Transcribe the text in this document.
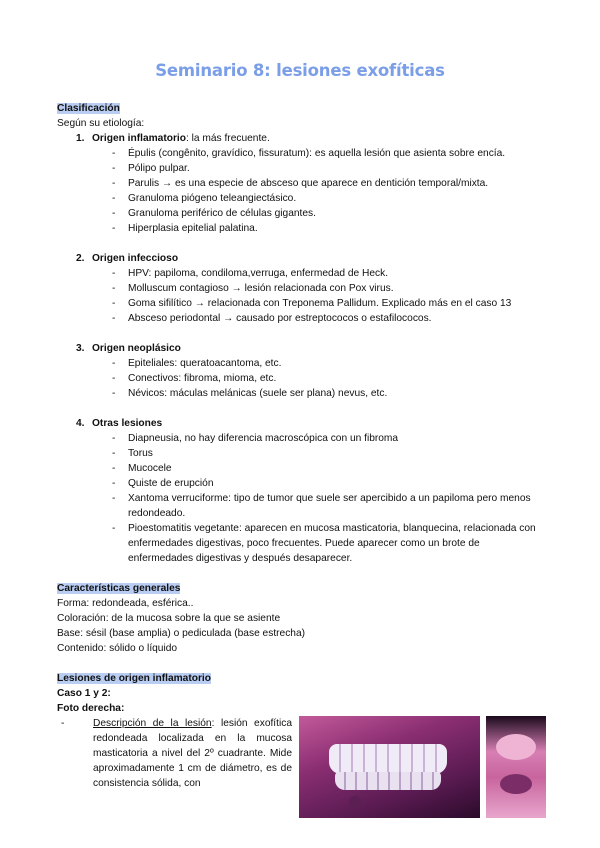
Seminario 8: lesiones exofíticas
Clasificación
Según su etiología:
1. Origen inflamatorio: la más frecuente.
-	Épulis (congênito, gravídico, fissuratum): es aquella lesión que asienta sobre encía.
-	Pólipo pulpar.
-	Parulis → es una especie de absceso que aparece en dentición temporal/mixta.
-	Granuloma piógeno teleangiectásico.
-	Granuloma periférico de células gigantes.
-	Hiperplasia epitelial palatina.
2. Origen infeccioso
-	HPV: papiloma, condiloma,verruga, enfermedad de Heck.
-	Molluscum contagioso → lesión relacionada con Pox virus.
-	Goma sifilítico → relacionada con Treponema Pallidum. Explicado más en el caso 13
-	Absceso periodontal → causado por estreptococos o estafilococos.
3. Origen neoplásico
-	Epiteliales: queratoacantoma, etc.
-	Conectivos: fibroma, mioma, etc.
-	Névicos: máculas melánicas (suele ser plana) nevus, etc.
4. Otras lesiones
-	Diapneusia, no hay diferencia macroscópica con un fibroma
-	Torus
-	Mucocele
-	Quiste de erupción
-	Xantoma verruciforme: tipo de tumor que suele ser apercibido a un papiloma pero menos redondeado.
-	Pioestomatitis vegetante: aparecen en mucosa masticatoria, blanquecina, relacionada con enfermedades digestivas, poco frecuentes. Puede aparecer como un brote de enfermedades digestivas y después desaparecer.
Características generales
Forma: redondeada, esférica..
Coloración: de la mucosa sobre la que se asiente
Base: sésil (base amplia) o pediculada (base estrecha)
Contenido: sólido o líquido
Lesiones de origen inflamatorio
Caso 1 y 2:
Foto derecha:
-	Descripción de la lesión: lesión exofítica redondeada localizada en la mucosa masticatoria a nivel del 2º cuadrante. Mide aproximadamente 1 cm de diámetro, es de consistencia sólida, con
